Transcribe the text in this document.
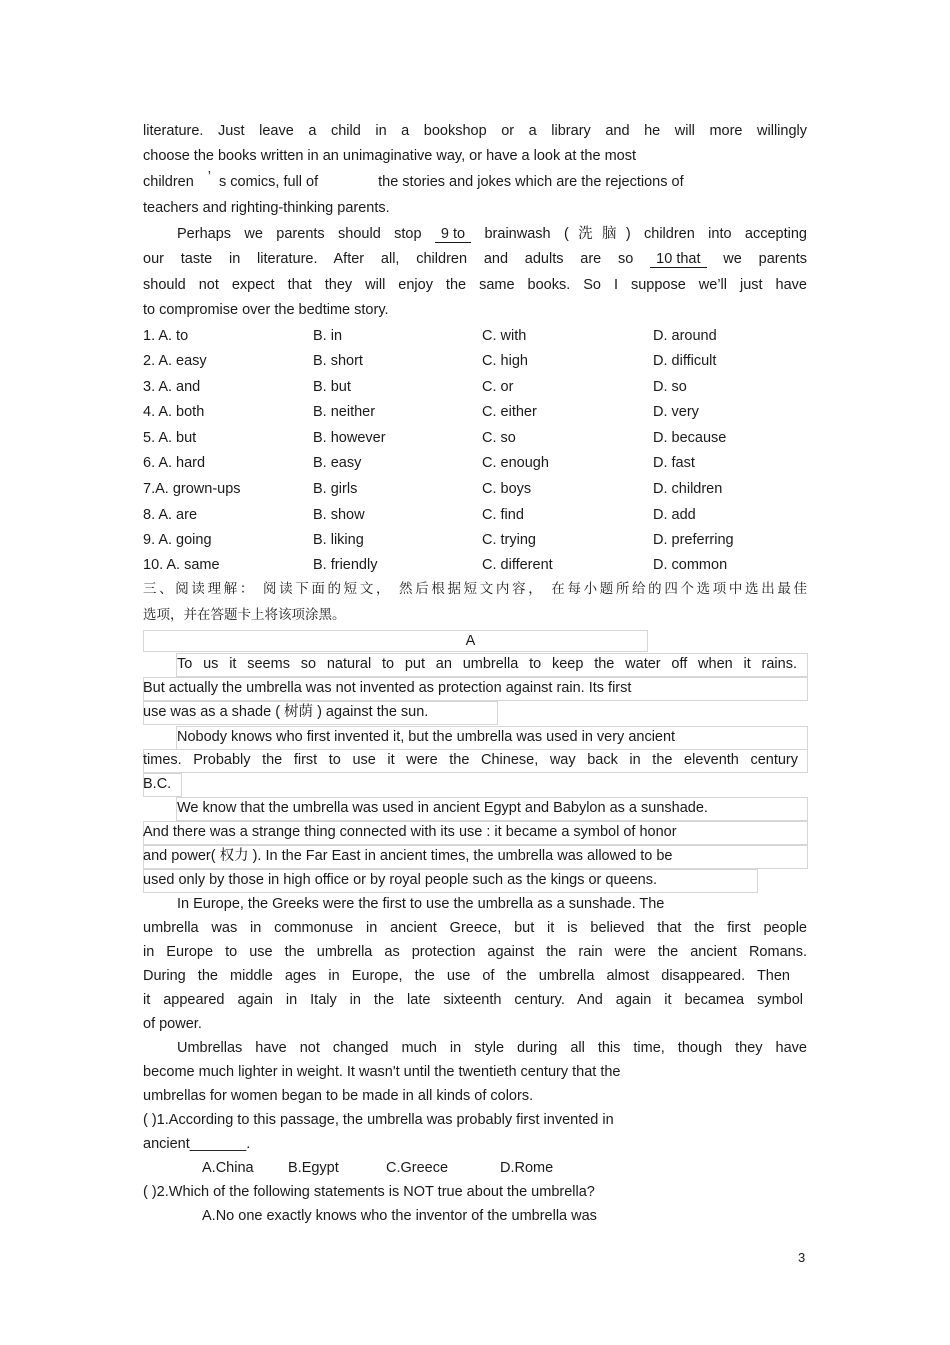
literature. Just leave a child in a bookshop or a library and he will more willingly
choose the books written in an unimaginative way, or have a look at the most
children ’ s comics, full of	the stories and jokes which are the rejections of
teachers and righting-thinking parents.
Perhaps we parents should stop 9 to brainwash (洗脑) children into accepting
our taste in literature. After all, children and adults are so 10 that we parents
should not expect that they will enjoy the same books. So I suppose we’ll just have
to compromise over the bedtime story.
1. A. to	B. in	C. with	D. around
2. A. easy	B. short	C. high	D. difficult
3. A. and	B. but	C. or	D. so
4. A. both	B. neither	C. either	D. very
5. A. but	B. however	C. so	D. because
6. A. hard	B. easy	C. enough	D. fast
7.A. grown-ups	B. girls	C. boys	D. children
8. A. are	B. show	C. find	D. add
9. A. going	B. liking	C. trying	D. preferring
10. A. same	B. friendly	C. different	D. common
三、阅读理解： 阅读下面的短文， 然后根据短文内容， 在每小题所给的四个选项中选出最佳
选项，并在答题卡上将该项涂黑。
A
To us it seems so natural to put an umbrella to keep the water off when it rains.
But actually the umbrella was not invented as protection against rain. Its first
use was as a shade ( 树荫 ) against the sun.
Nobody knows who first invented it, but the umbrella was used in very ancient
times. Probably the first to use it were the Chinese, way back in the eleventh century
B.C.
We know that the umbrella was used in ancient Egypt and Babylon as a sunshade.
And there was a strange thing connected with its use : it became a symbol of honor
and power( 权力 ). In the Far East in ancient times, the umbrella was allowed to be
used only by those in high office or by royal people such as the kings or queens.
In Europe, the Greeks were the first to use the umbrella as a sunshade. The
umbrella was in commonuse in ancient Greece, but it is believed that the first people
in Europe to use the umbrella as protection against the rain were the ancient Romans.
During the middle ages in Europe, the use of the umbrella almost disappeared. Then
it appeared again in Italy in the late sixteenth century. And again it becamea symbol
of power.
Umbrellas have not changed much in style during all this time, though they have
become much lighter in weight. It wasn't until the twentieth century that the
umbrellas for women began to be made in all kinds of colors.
( )1.According to this passage, the umbrella was probably first invented in
ancient_______.
A.China B.Egypt	C.Greece	D.Rome
( )2.Which of the following statements is NOT true about the umbrella?
A.No one exactly knows who the inventor of the umbrella was
3
